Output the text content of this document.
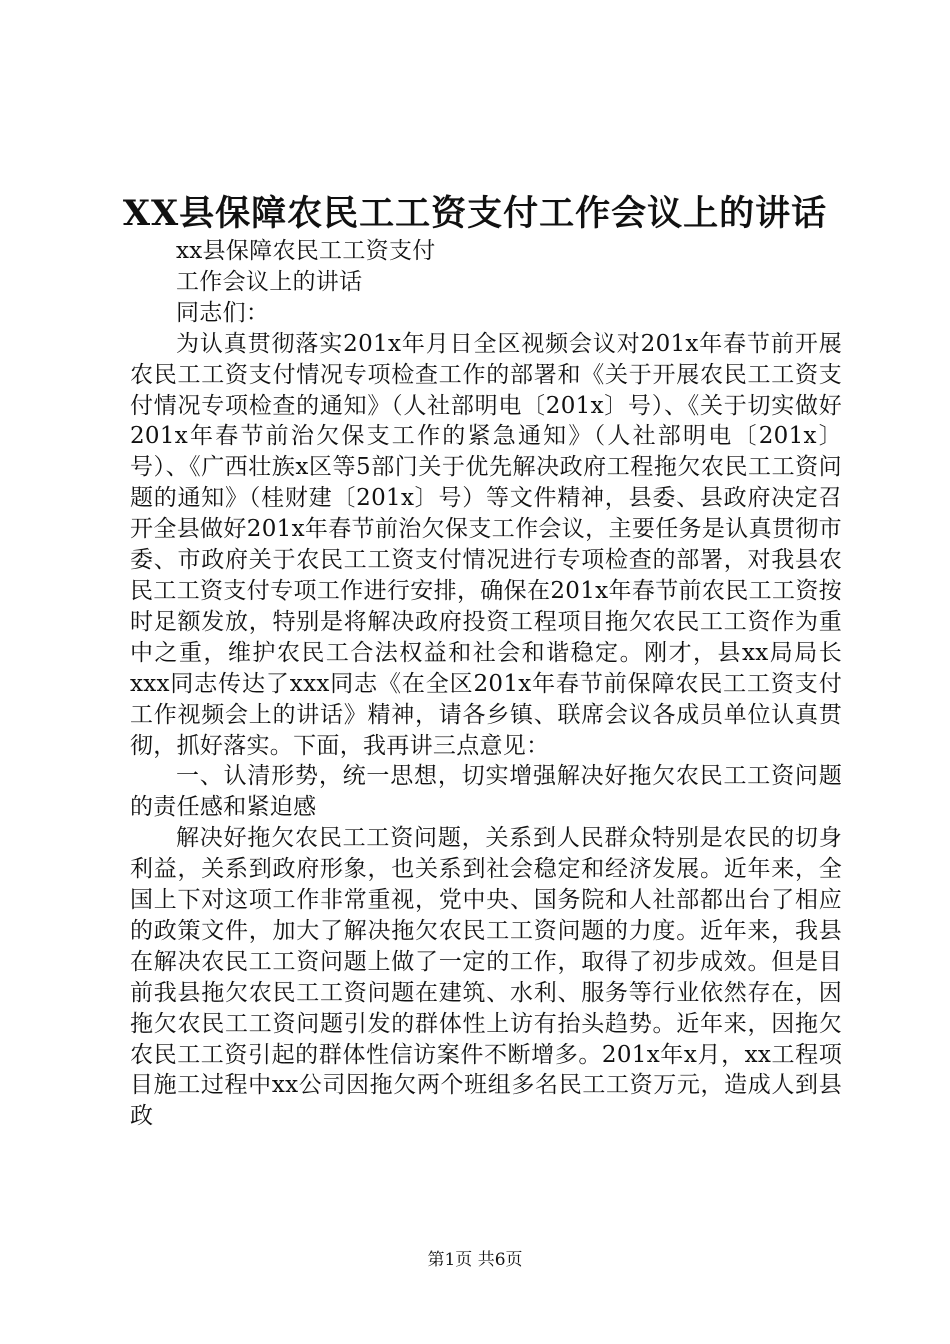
XX县保障农民工工资支付工作会议上的讲话

xx县保障农民工工资支付

工作会议上的讲话

同志们：

为认真贯彻落实201x年月日全区视频会议对201x年春节前开展农民工工资支付情况专项检查工作的部署和《关于开展农民工工资支付情况专项检查的通知》（人社部明电〔201x〕号）、《关于切实做好201x年春节前治欠保支工作的紧急通知》（人社部明电〔201x〕号）、《广西壮族x区等5部门关于优先解决政府工程拖欠农民工工资问题的通知》（桂财建〔201x〕号）等文件精神，县委、县政府决定召开全县做好201x年春节前治欠保支工作会议，主要任务是认真贯彻市委、市政府关于农民工工资支付情况进行专项检查的部署，对我县农民工工资支付专项工作进行安排，确保在201x年春节前农民工工资按时足额发放，特别是将解决政府投资工程项目拖欠农民工工资作为重中之重，维护农民工合法权益和社会和谐稳定。刚才，县xx局局长xxx同志传达了xxx同志《在全区201x年春节前保障农民工工资支付工作视频会上的讲话》精神，请各乡镇、联席会议各成员单位认真贯彻，抓好落实。下面，我再讲三点意见：

一、认清形势，统一思想，切实增强解决好拖欠农民工工资问题的责任感和紧迫感

解决好拖欠农民工工资问题，关系到人民群众特别是农民的切身利益，关系到政府形象，也关系到社会稳定和经济发展。近年来，全国上下对这项工作非常重视，党中央、国务院和人社部都出台了相应的政策文件，加大了解决拖欠农民工工资问题的力度。近年来，我县在解决农民工工资问题上做了一定的工作，取得了初步成效。但是目前我县拖欠农民工工资问题在建筑、水利、服务等行业依然存在，因拖欠农民工工资问题引发的群体性上访有抬头趋势。近年来，因拖欠农民工工资引起的群体性信访案件不断增多。201x年x月，xx工程项目施工过程中xx公司因拖欠两个班组多名民工工资万元，造成人到县政

第1页 共6页
